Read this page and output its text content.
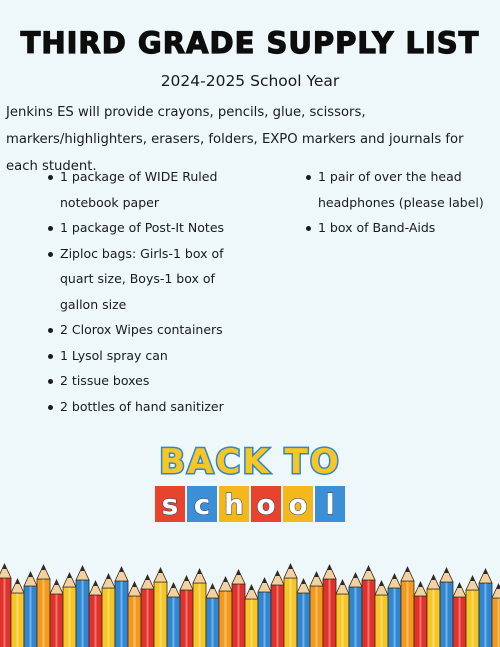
THIRD GRADE SUPPLY LIST
2024-2025 School Year
Jenkins ES will provide crayons, pencils, glue, scissors, markers/highlighters, erasers, folders, EXPO markers and journals for each student.
1 package of WIDE Ruled notebook paper
1 package of Post-It Notes
Ziploc bags: Girls-1 box of quart size, Boys-1 box of gallon size
2 Clorox Wipes containers
1 Lysol spray can
2 tissue boxes
2 bottles of hand sanitizer
1 pair of over the head headphones (please label)
1 box of Band-Aids
BACK TO
s c h o o l
